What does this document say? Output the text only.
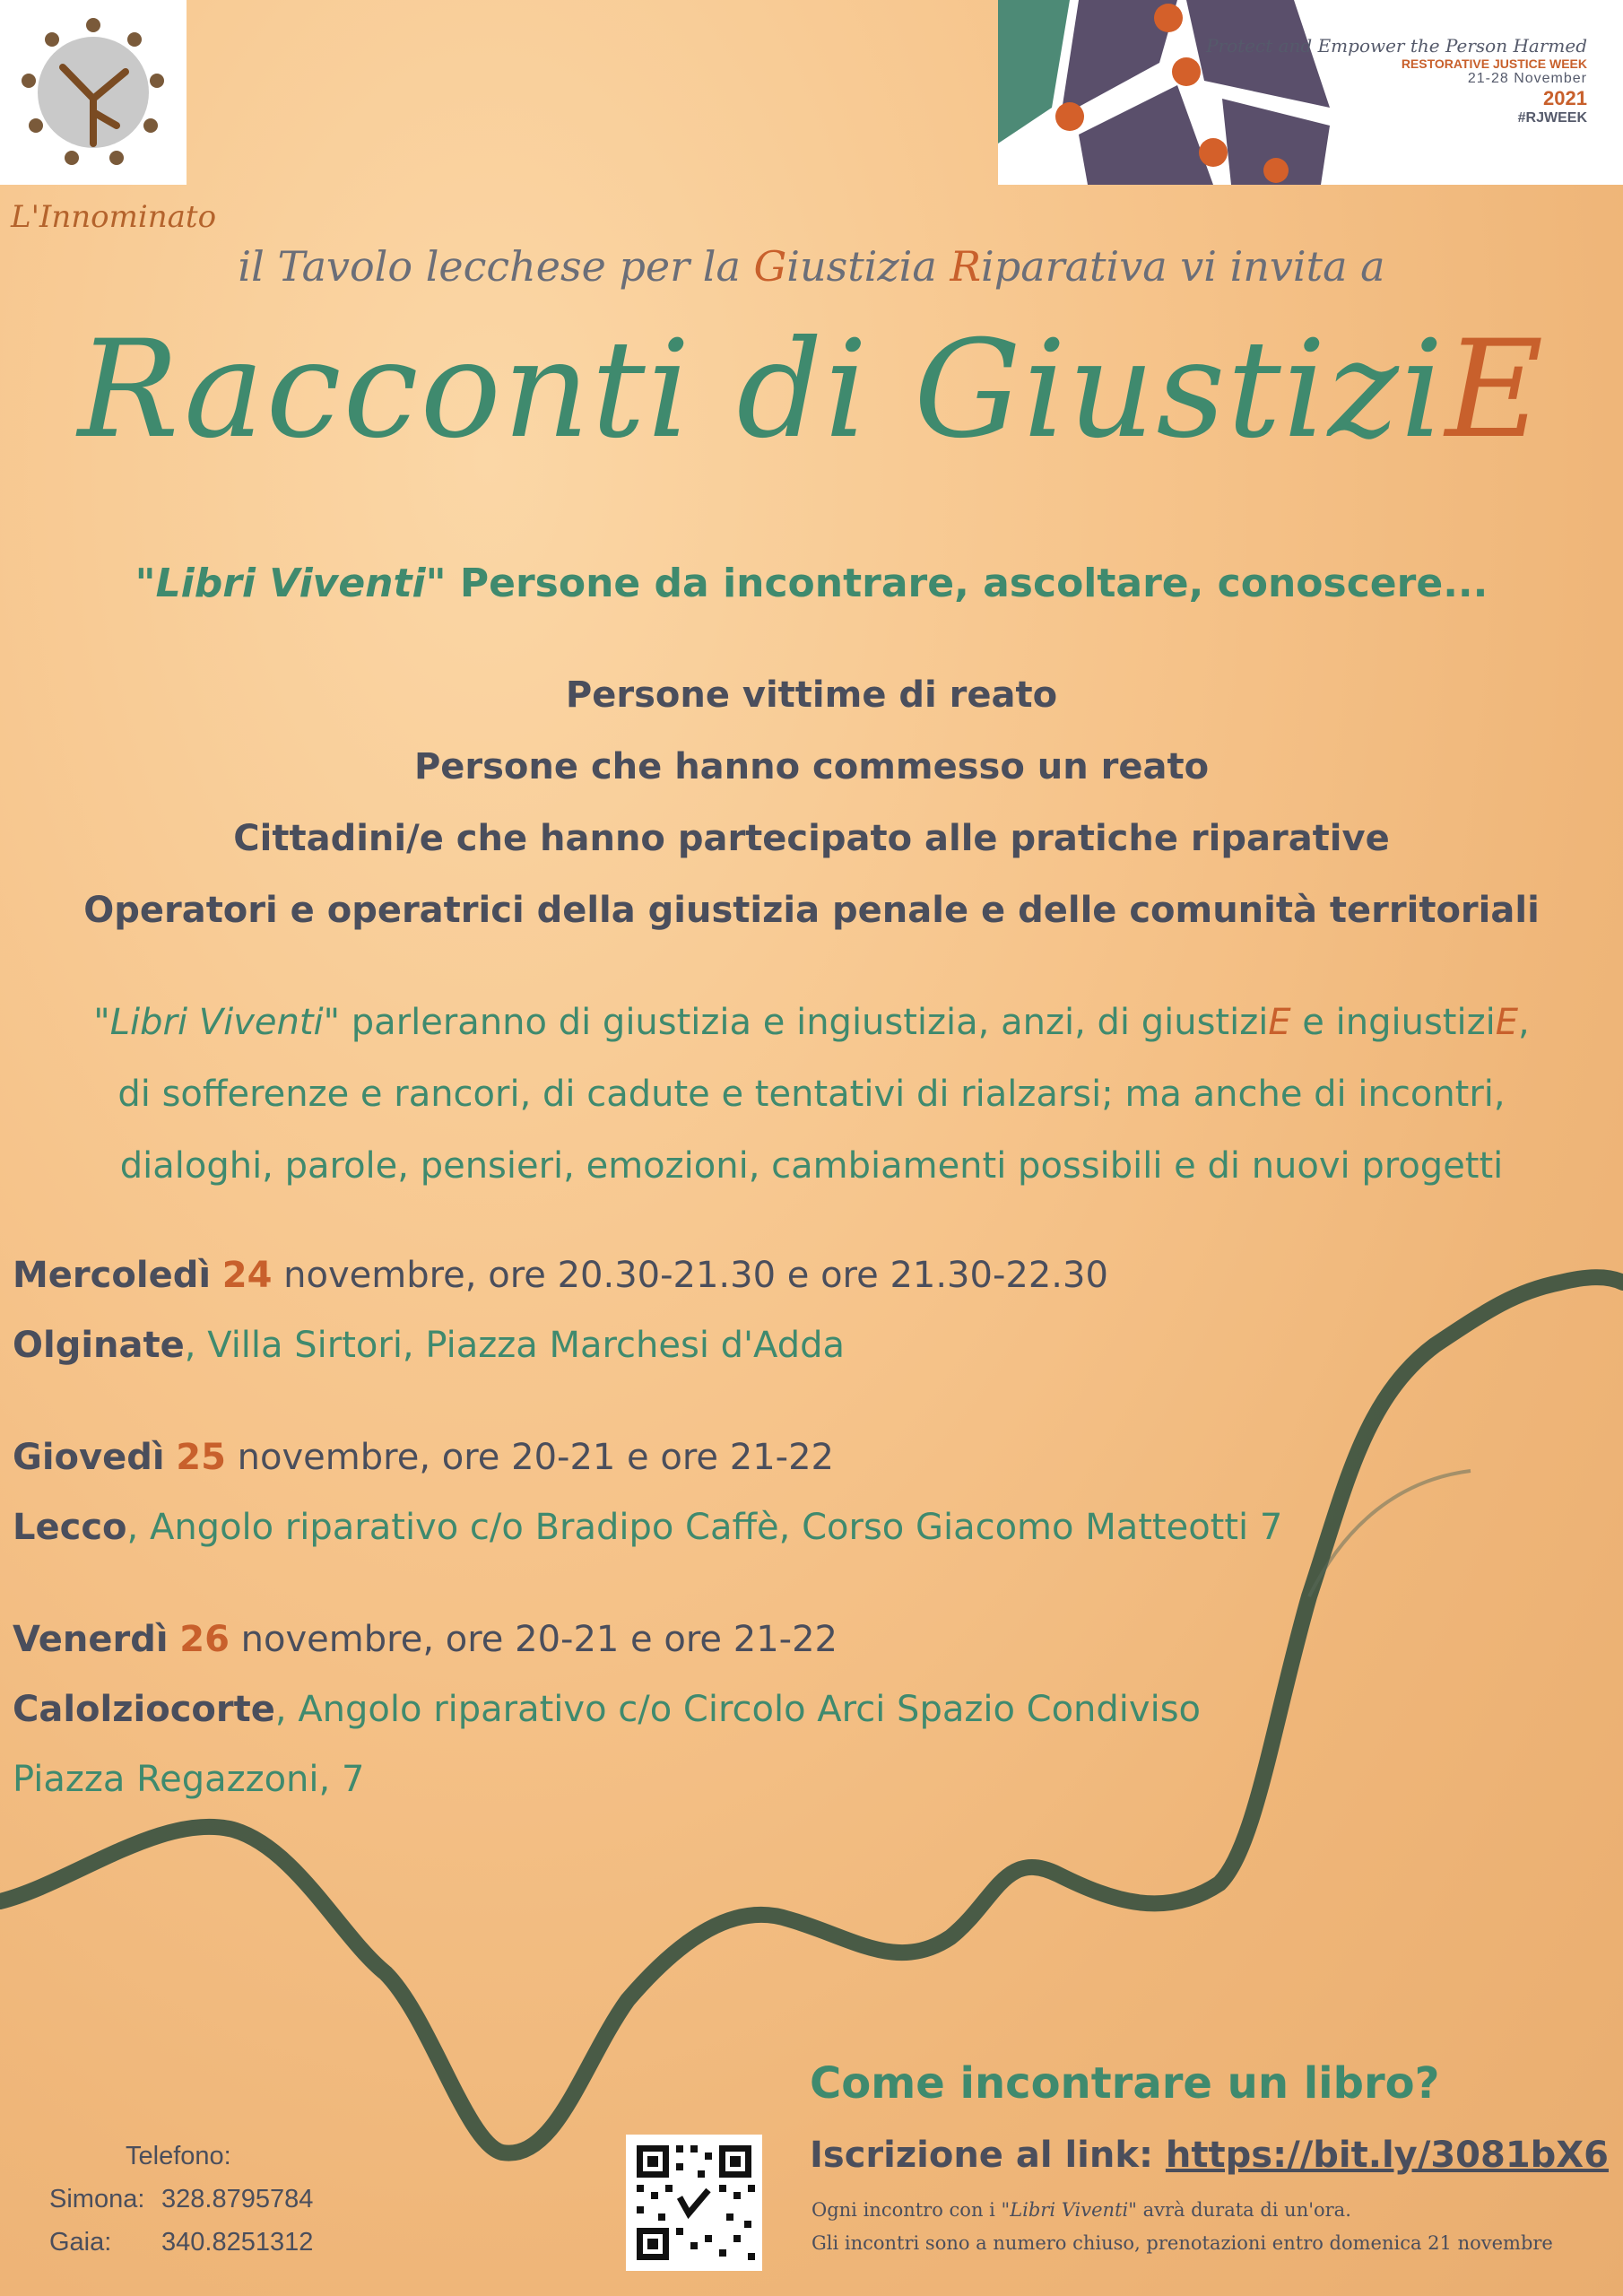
L'Innominato
Protect and Empower the Person Harmed
RESTORATIVE JUSTICE WEEK
21-28 November
2021
#RJWEEK
il Tavolo lecchese per la Giustizia Riparativa vi invita a
Racconti di GiustiziE
"Libri Viventi" Persone da incontrare, ascoltare, conoscere...
Persone vittime di reato
Persone che hanno commesso un reato
Cittadini/e che hanno partecipato alle pratiche riparative
Operatori e operatrici della giustizia penale e delle comunità territoriali
"Libri Viventi" parleranno di giustizia e ingiustizia, anzi, di giustiziE e ingiustiziE,
di sofferenze e rancori, di cadute e tentativi di rialzarsi; ma anche di incontri,
dialoghi, parole, pensieri, emozioni, cambiamenti possibili e di nuovi progetti
Mercoledì 24 novembre, ore 20.30-21.30 e ore 21.30-22.30
Olginate, Villa Sirtori, Piazza Marchesi d'Adda
Giovedì 25 novembre, ore 20-21 e ore 21-22
Lecco, Angolo riparativo c/o Bradipo Caffè, Corso Giacomo Matteotti 7
Venerdì 26 novembre, ore 20-21 e ore 21-22
Calolziocorte, Angolo riparativo c/o Circolo Arci Spazio Condiviso
Piazza Regazzoni, 7
Telefono:
Simona: 328.8795784
Gaia: 340.8251312
Come incontrare un libro?
Iscrizione al link: https://bit.ly/3081bX6
Ogni incontro con i "Libri Viventi" avrà durata di un'ora.
Gli incontri sono a numero chiuso, prenotazioni entro domenica 21 novembre
